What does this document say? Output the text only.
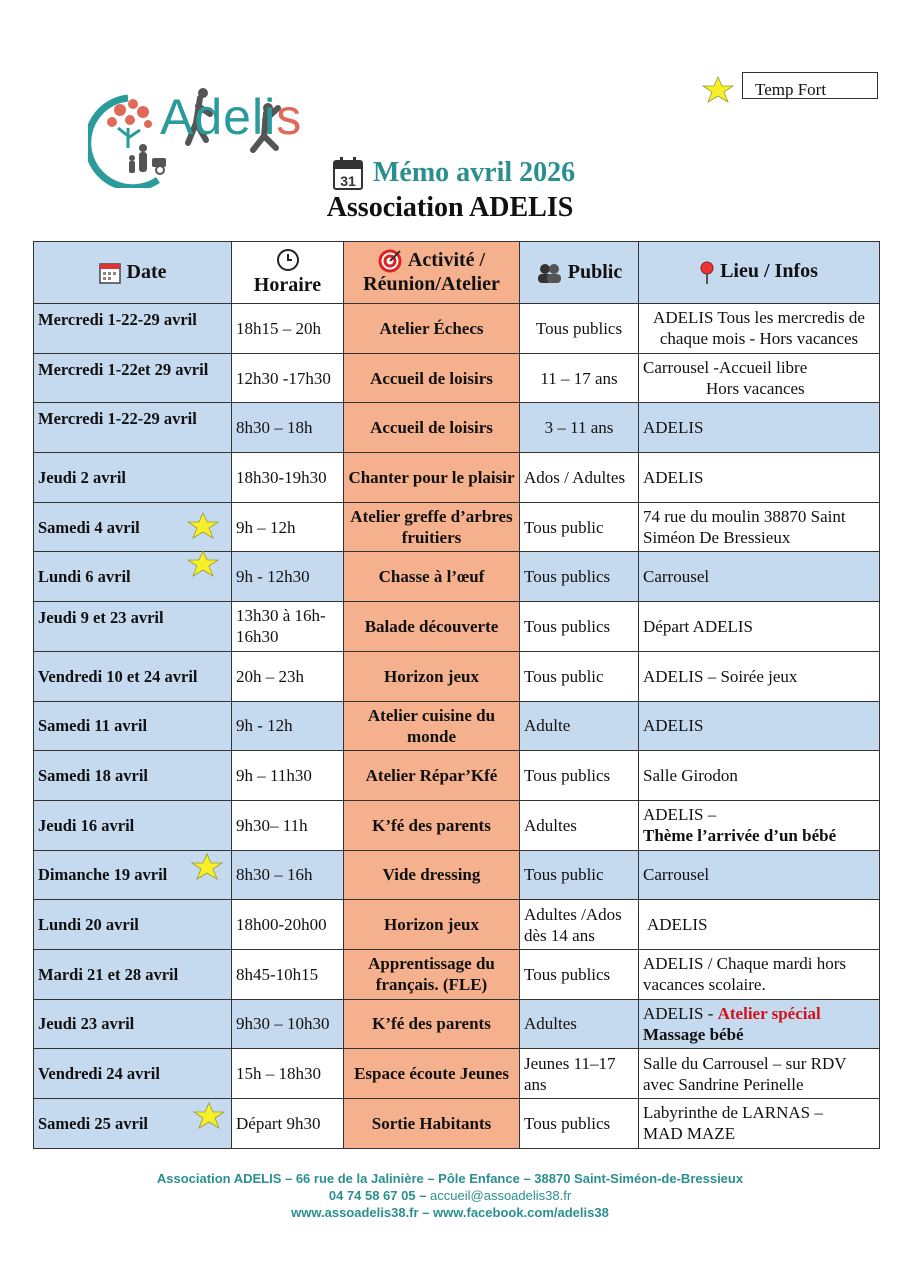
Adelis	Temp Fort
31 Mémo avril 2026
Association ADELIS
Date	Horaire	Activité /
Réunion/Atelier	Public	Lieu / Infos
Mercredi 1-22-29 avril	18h15 – 20h	Atelier Échecs	Tous publics	ADELIS Tous les mercredis de
chaque mois - Hors vacances
Mercredi 1-22et 29 avril	12h30 -17h30	Accueil de loisirs	11 – 17 ans	Carrousel -Accueil libre
Hors vacances
Mercredi 1-22-29 avril	8h30 – 18h	Accueil de loisirs	3 – 11 ans	ADELIS
Jeudi 2 avril	18h30-19h30	Chanter pour le plaisir	Ados / Adultes	ADELIS
Samedi 4 avril	9h – 12h	Atelier greffe d’arbres fruitiers	Tous public	74 rue du moulin 38870 Saint
Siméon De Bressieux
Lundi 6 avril	9h - 12h30	Chasse à l’œuf	Tous publics	Carrousel
Jeudi 9 et 23 avril	13h30 à 16h-16h30	Balade découverte	Tous publics	Départ ADELIS
Vendredi 10 et 24 avril	20h – 23h	Horizon jeux	Tous public	ADELIS – Soirée jeux
Samedi 11 avril	9h - 12h	Atelier cuisine du monde	Adulte	ADELIS
Samedi 18 avril	9h – 11h30	Atelier Répar’Kfé	Tous publics	Salle Girodon
Jeudi 16 avril	9h30– 11h	K’fé des parents	Adultes	ADELIS –
Thème l’arrivée d’un bébé
Dimanche 19 avril	8h30 – 16h	Vide dressing	Tous public	Carrousel
Lundi 20 avril	18h00-20h00	Horizon jeux	Adultes /Ados dès 14 ans	ADELIS
Mardi 21 et 28 avril	8h45-10h15	Apprentissage du français. (FLE)	Tous publics	ADELIS / Chaque mardi hors
vacances scolaire.
Jeudi 23 avril	9h30 – 10h30	K’fé des parents	Adultes	ADELIS - Atelier spécial
Massage bébé
Vendredi 24 avril	15h – 18h30	Espace écoute Jeunes	Jeunes 11–17 ans	Salle du Carrousel – sur RDV
avec Sandrine Perinelle
Samedi 25 avril	Départ 9h30	Sortie Habitants	Tous publics	Labyrinthe de LARNAS –
MAD MAZE
Association ADELIS – 66 rue de la Jalinière – Pôle Enfance – 38870 Saint-Siméon-de-Bressieux
04 74 58 67 05 – accueil@assoadelis38.fr
www.assoadelis38.fr – www.facebook.com/adelis38
